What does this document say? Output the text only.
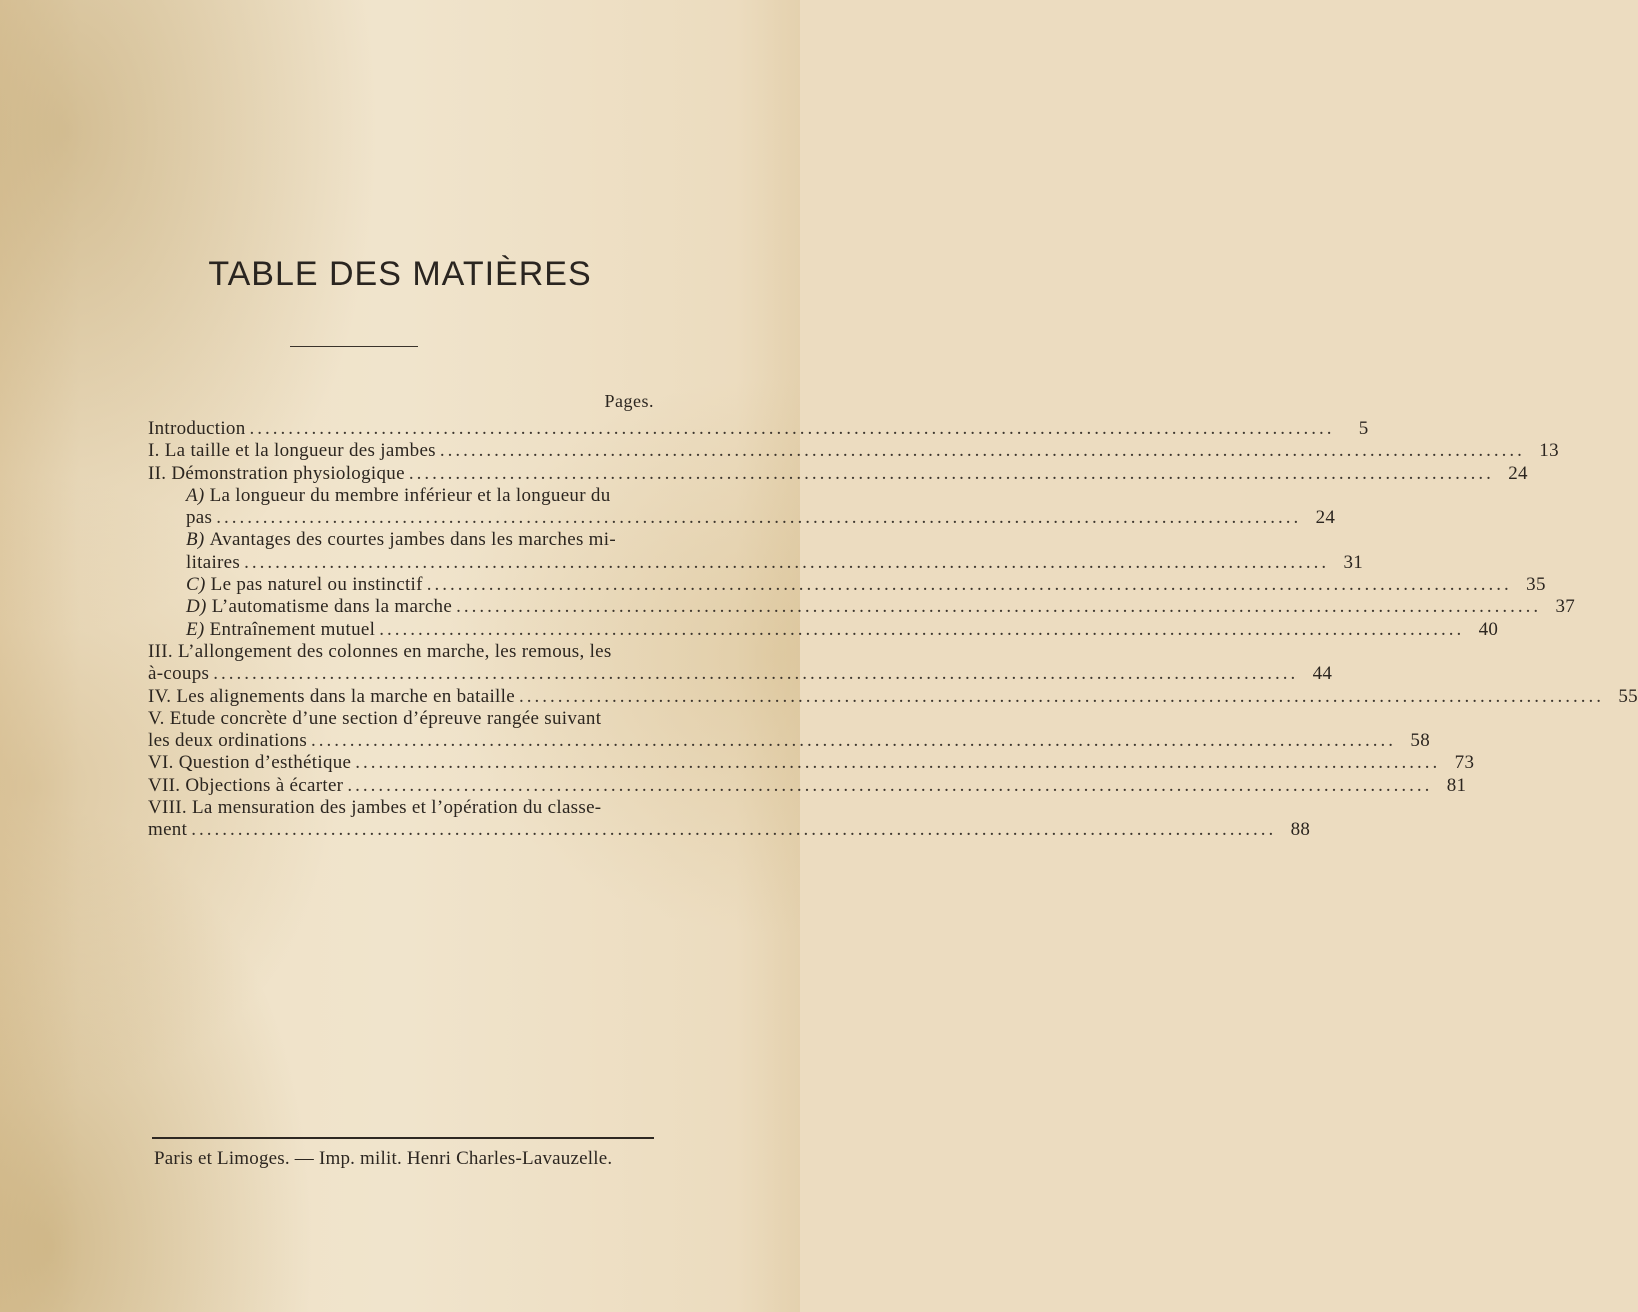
TABLE DES MATIÈRES
Pages.
Introduction ............................................................................................................................................	5
I. La taille et la longueur des jambes ............................................................................................................................................ 13
II. Démonstration physiologique ............................................................................................................................................ 24
A) La longueur du membre inférieur et la longueur du
pas ............................................................................................................................................ 24
B) Avantages des courtes jambes dans les marches mi-
litaires ............................................................................................................................................ 31
C) Le pas naturel ou instinctif ............................................................................................................................................ 35
D) L’automatisme dans la marche ............................................................................................................................................ 37
E) Entraînement mutuel ............................................................................................................................................ 40
III. L’allongement des colonnes en marche, les remous, les
à-coups ............................................................................................................................................ 44
IV. Les alignements dans la marche en bataille ............................................................................................................................................ 55
V. Etude concrète d’une section d’épreuve rangée suivant
les deux ordinations ............................................................................................................................................ 58
VI. Question d’esthétique ............................................................................................................................................ 73
VII. Objections à écarter ............................................................................................................................................ 81
VIII. La mensuration des jambes et l’opération du classe-
ment ............................................................................................................................................ 88
Paris et Limoges. — Imp. milit. Henri Charles-Lavauzelle.
